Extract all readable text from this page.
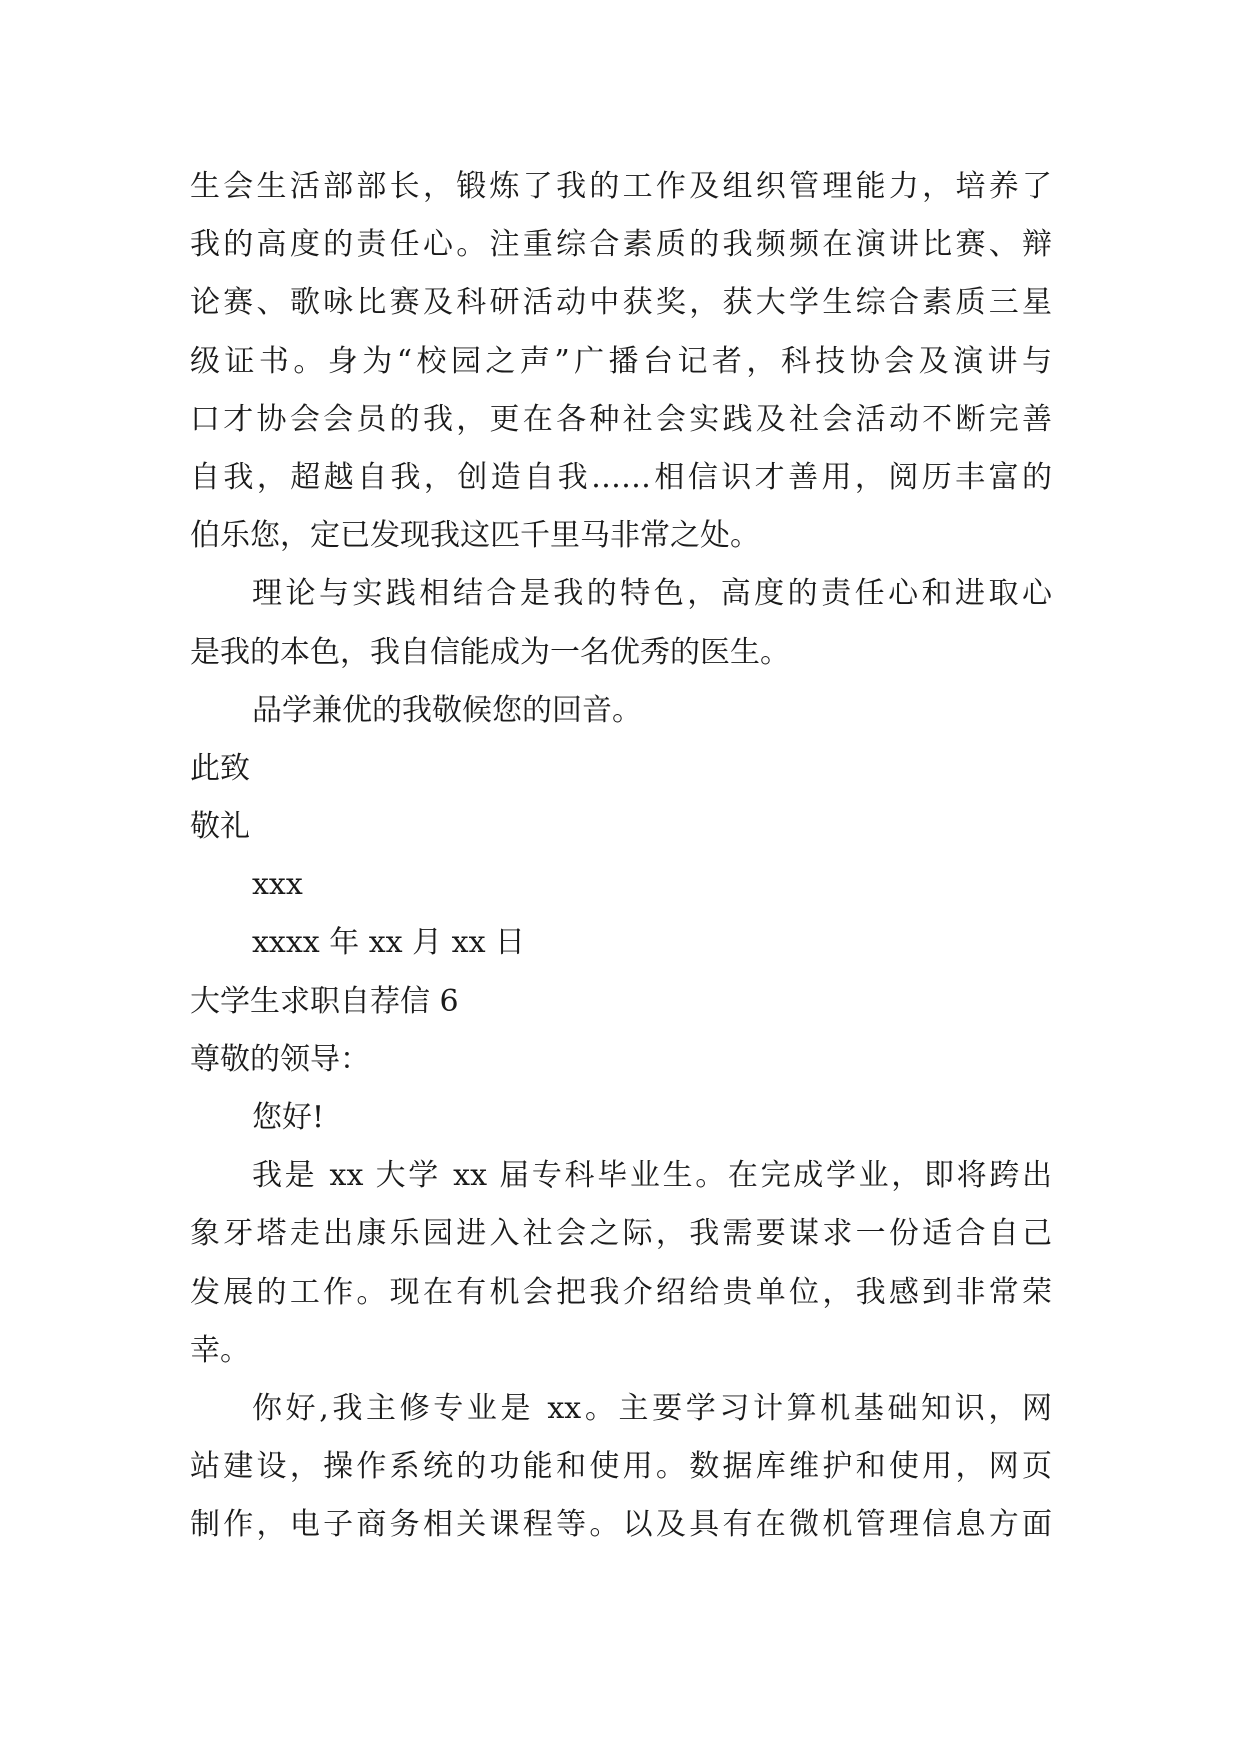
生会生活部部长，锻炼了我的工作及组织管理能力，培养了
我的高度的责任心。注重综合素质的我频频在演讲比赛、辩
论赛、歌咏比赛及科研活动中获奖，获大学生综合素质三星
级证书。身为“校园之声”广播台记者，科技协会及演讲与
口才协会会员的我，更在各种社会实践及社会活动不断完善
自我，超越自我，创造自我……相信识才善用，阅历丰富的
伯乐您，定已发现我这匹千里马非常之处。
理论与实践相结合是我的特色，高度的责任心和进取心
是我的本色，我自信能成为一名优秀的医生。
品学兼优的我敬候您的回音。
此致
敬礼
xxx
xxxx 年 xx 月 xx 日
大学生求职自荐信 6
尊敬的领导：
您好!
我是 xx 大学 xx 届专科毕业生。在完成学业，即将跨出
象牙塔走出康乐园进入社会之际，我需要谋求一份适合自己
发展的工作。现在有机会把我介绍给贵单位，我感到非常荣
幸。
你好,我主修专业是 xx。主要学习计算机基础知识，网
站建设，操作系统的功能和使用。数据库维护和使用，网页
制作，电子商务相关课程等。以及具有在微机管理信息方面
